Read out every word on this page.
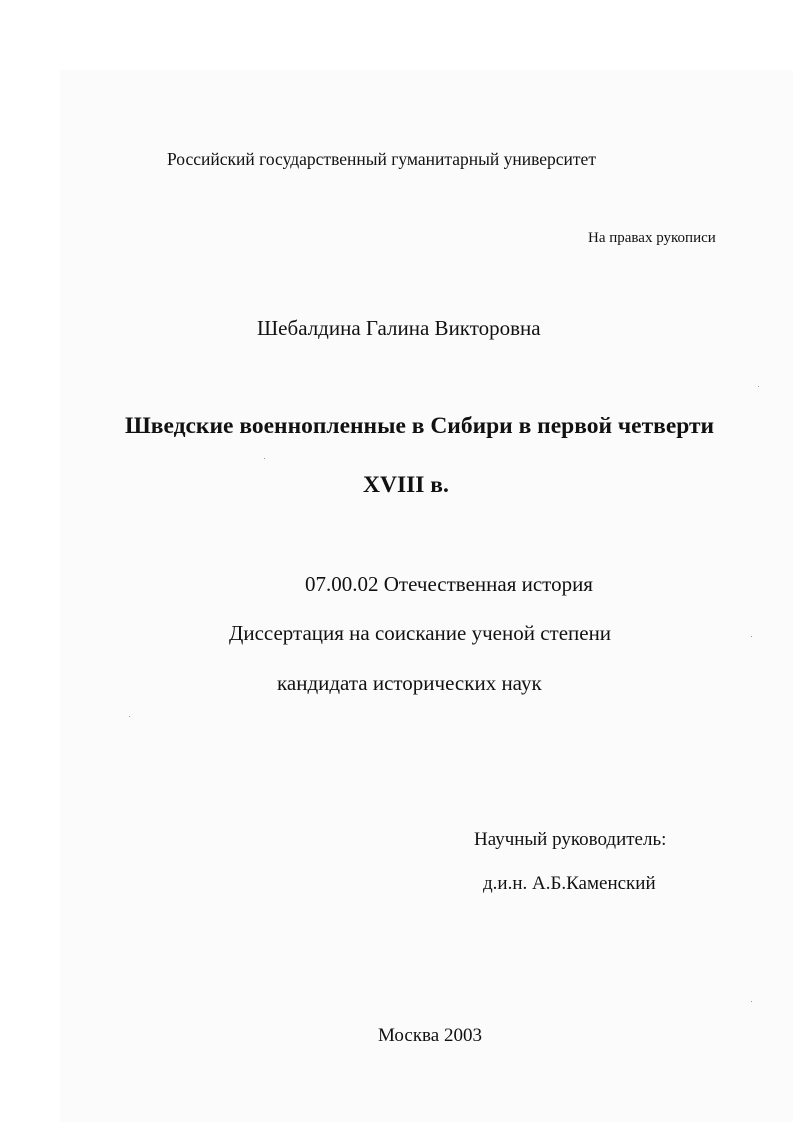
Российский государственный гуманитарный университет
На правах рукописи
Шебалдина Галина Викторовна
Шведские военнопленные в Сибири в первой четверти
XVIII в.
07.00.02 Отечественная история
Диссертация на соискание ученой степени
кандидата исторических наук
Научный руководитель:
д.и.н. А.Б.Каменский
Москва 2003
